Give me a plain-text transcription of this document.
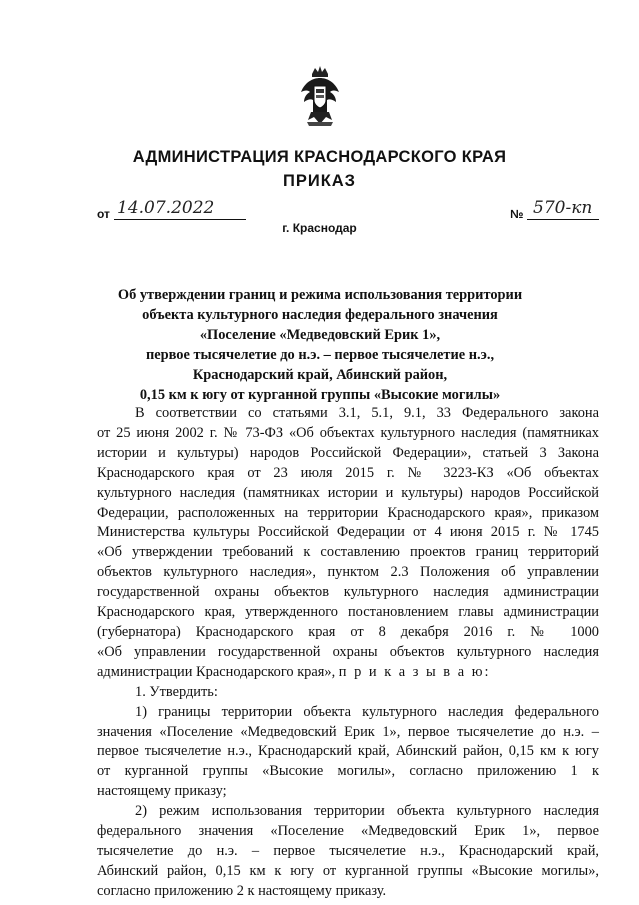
АДМИНИСТРАЦИЯ КРАСНОДАРСКОГО КРАЯ
ПРИКАЗ
от 14.07.2022	№ 570-кп
г. Краснодар
Об утверждении границ и режима использования территории
объекта культурного наследия федерального значения
«Поселение «Медведовский Ерик 1»,
первое тысячелетие до н.э. – первое тысячелетие н.э.,
Краснодарский край, Абинский район,
0,15 км к югу от курганной группы «Высокие могилы»
В соответствии со статьями 3.1, 5.1, 9.1, 33 Федерального закона
от 25 июня 2002 г. № 73-ФЗ «Об объектах культурного наследия (памятниках
истории и культуры) народов Российской Федерации», статьей 3 Закона
Краснодарского края от 23 июля 2015 г. № 3223-КЗ «Об объектах
культурного наследия (памятниках истории и культуры) народов Российской
Федерации, расположенных на территории Краснодарского края», приказом
Министерства культуры Российской Федерации от 4 июня 2015 г. № 1745
«Об утверждении требований к составлению проектов границ территорий
объектов культурного наследия», пунктом 2.3 Положения об управлении
государственной охраны объектов культурного наследия администрации
Краснодарского края, утвержденного постановлением главы администрации
(губернатора) Краснодарского края от 8 декабря 2016 г. № 1000
«Об управлении государственной охраны объектов культурного наследия
администрации Краснодарского края», п р и к а з ы в а ю:
1. Утвердить:
1) границы территории объекта культурного наследия федерального
значения «Поселение «Медведовский Ерик 1», первое тысячелетие до н.э. –
первое тысячелетие н.э., Краснодарский край, Абинский район, 0,15 км к югу
от курганной группы «Высокие могилы», согласно приложению 1 к
настоящему приказу;
2) режим использования территории объекта культурного наследия
федерального значения «Поселение «Медведовский Ерик 1», первое
тысячелетие до н.э. – первое тысячелетие н.э., Краснодарский край,
Абинский район, 0,15 км к югу от курганной группы «Высокие могилы»,
согласно приложению 2 к настоящему приказу.
